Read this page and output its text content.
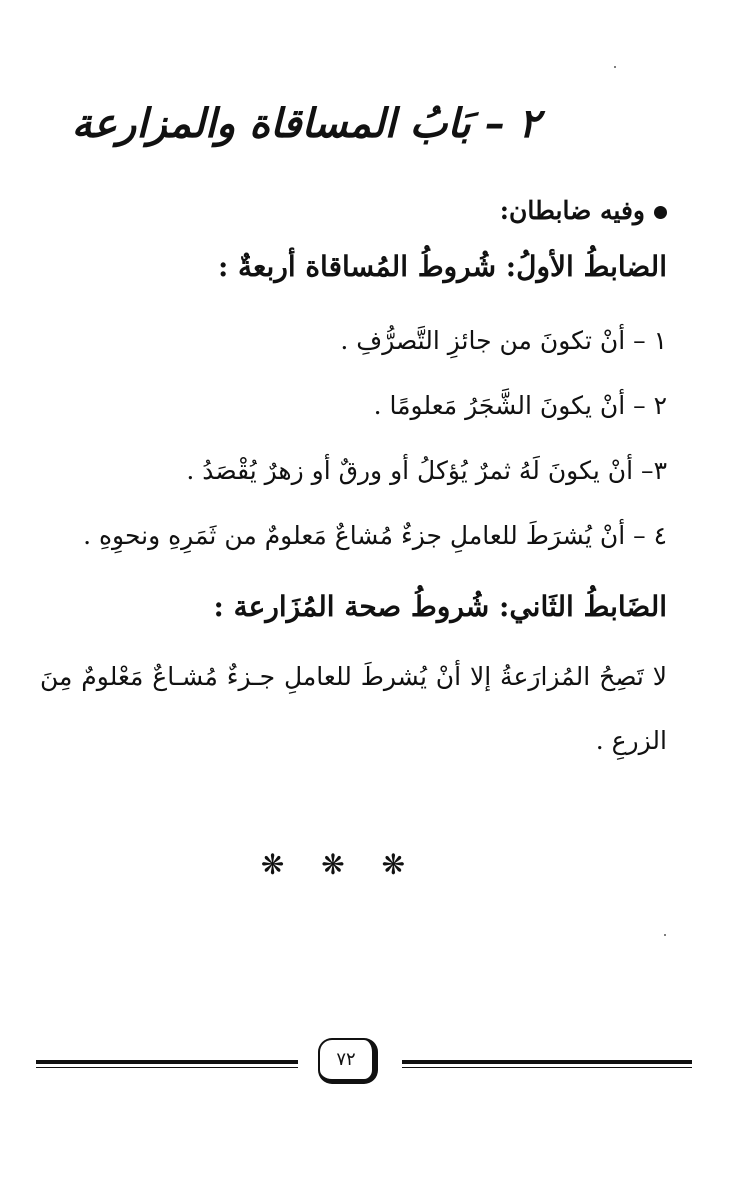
٢ – بَابُ المساقاة والمزارعة
وفيه ضابطان:
الضابطُ الأولُ: شُروطُ المُساقاة أربعةٌ :
١ – أنْ تكونَ من جائزِ التَّصرُّفِ .
٢ – أنْ يكونَ الشَّجَرُ مَعلومًا .
٣– أنْ يكونَ لَهُ ثمرٌ يُؤكلُ أو ورقٌ أو زهرٌ يُقْصَدُ .
٤ – أنْ يُشرَطَ للعاملِ جزءٌ مُشاعٌ مَعلومٌ من ثَمَرِهِ ونحوِهِ .
الضَابطُ الثَاني: شُروطُ صحة المُزَارعة :
لا تَصِحُ المُزارَعةُ إلا أنْ يُشرطَ للعاملِ جـزءٌ مُشـاعٌ مَعْلومٌ مِنَ
الزرعِ .
❋ ❋ ❋
٧٢
